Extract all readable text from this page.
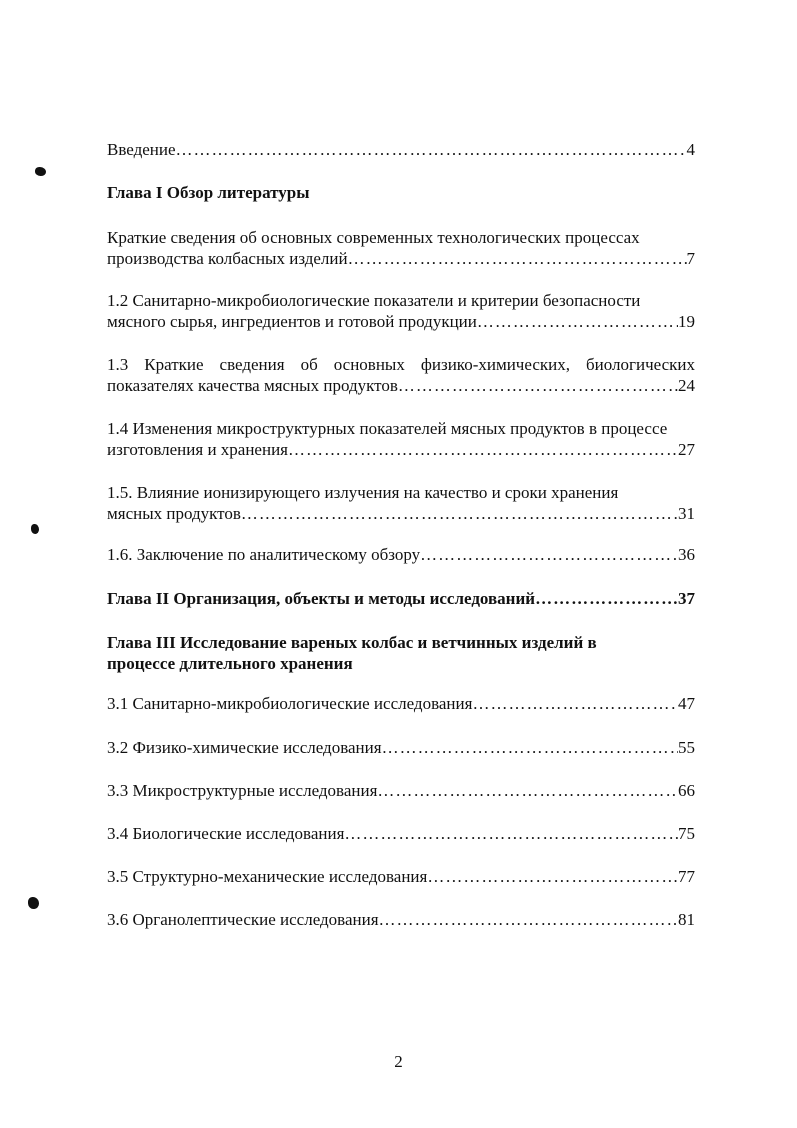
Введение …………………………………………………………………………………………………………………………………	4
Глава I Обзор литературы
Краткие сведения об основных современных технологических процессах
производства колбасных изделий …………………………………………………………………………………………………………………………………	7
1.2 Санитарно-микробиологические показатели и критерии безопасности
мясного сырья, ингредиентов и готовой продукции …………………………………………………………………………………………………………………………………	19
1.3 Краткие сведения об основных физико-химических, биологических
показателях качества мясных продуктов …………………………………………………………………………………………………………………………………	24
1.4 Изменения микроструктурных показателей мясных продуктов в процессе
изготовления и хранения …………………………………………………………………………………………………………………………………	27
1.5. Влияние ионизирующего излучения на качество и сроки хранения
мясных продуктов …………………………………………………………………………………………………………………………………	31
1.6. Заключение по аналитическому обзору …………………………………………………………………………………………………………………………………	36
Глава II Организация, объекты и методы исследований …………………………………………………………………………………………………………………………………	37
Глава III Исследование вареных колбас и ветчинных изделий в
процессе длительного хранения
3.1 Санитарно-микробиологические исследования …………………………………………………………………………………………………………………………………	47
3.2 Физико-химические исследования …………………………………………………………………………………………………………………………………	55
3.3 Микроструктурные исследования …………………………………………………………………………………………………………………………………	66
3.4 Биологические исследования …………………………………………………………………………………………………………………………………	75
3.5 Структурно-механические исследования …………………………………………………………………………………………………………………………………	77
3.6 Органолептические исследования …………………………………………………………………………………………………………………………………	81
2
